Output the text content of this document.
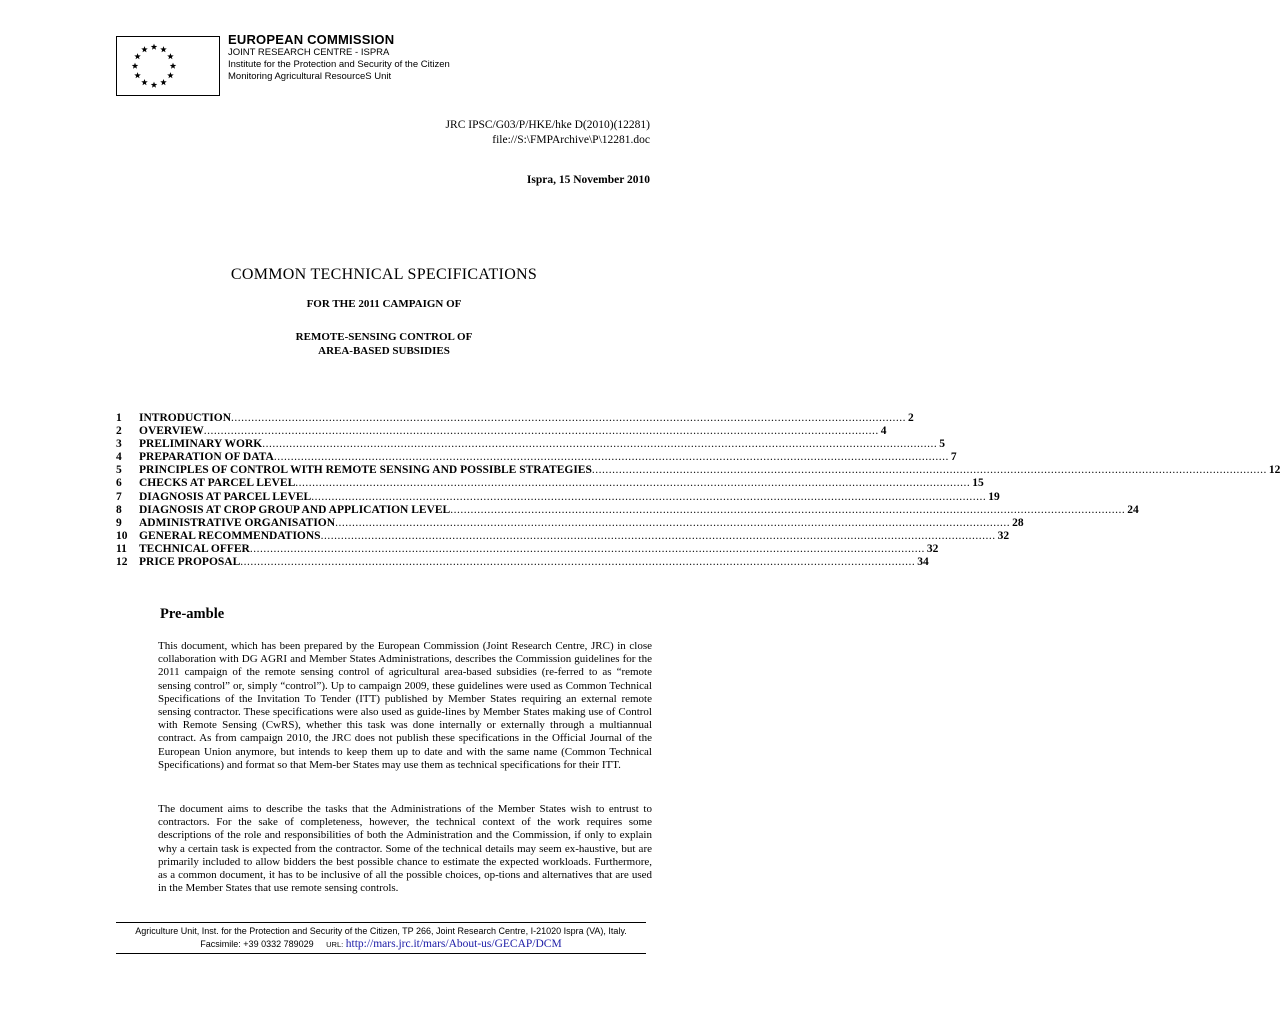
EUROPEAN COMMISSION
JOINT RESEARCH CENTRE - ISPRA
Institute for the Protection and Security of the Citizen
Monitoring Agricultural ResourceS Unit
JRC IPSC/G03/P/HKE/hke D(2010)(12281)
file://S:\FMPArchive\P\12281.doc
Ispra, 15 November 2010
COMMON TECHNICAL SPECIFICATIONS
FOR THE 2011 CAMPAIGN OF
REMOTE-SENSING CONTROL OF
AREA-BASED SUBSIDIES
1	INTRODUCTION ........................................................................................................................................................................................................ 2
2	OVERVIEW ........................................................................................................................................................................................................ 4
3	PRELIMINARY WORK ........................................................................................................................................................................................................ 5
4	PREPARATION OF DATA ........................................................................................................................................................................................................ 7
5	PRINCIPLES OF CONTROL WITH REMOTE SENSING AND POSSIBLE STRATEGIES ........................................................................................................................................................................................................ 12
6	CHECKS AT PARCEL LEVEL ........................................................................................................................................................................................................ 15
7	DIAGNOSIS AT PARCEL LEVEL ........................................................................................................................................................................................................ 19
8	DIAGNOSIS AT CROP GROUP AND APPLICATION LEVEL ........................................................................................................................................................................................................ 24
9	ADMINISTRATIVE ORGANISATION ........................................................................................................................................................................................................ 28
10	GENERAL RECOMMENDATIONS ........................................................................................................................................................................................................ 32
11	TECHNICAL OFFER ........................................................................................................................................................................................................ 32
12	PRICE PROPOSAL ........................................................................................................................................................................................................ 34
Pre-amble
This document, which has been prepared by the European Commission (Joint Research Centre, JRC) in close collaboration with DG AGRI and Member States Administrations, describes the Commission guidelines for the 2011 campaign of the remote sensing control of agricultural area-based subsidies (re-ferred to as “remote sensing control” or, simply “control”). Up to campaign 2009, these guidelines were used as Common Technical Specifications of the Invitation To Tender (ITT) published by Member States requiring an external remote sensing contractor. These specifications were also used as guide-lines by Member States making use of Control with Remote Sensing (CwRS), whether this task was done internally or externally through a multiannual contract. As from campaign 2010, the JRC does not publish these specifications in the Official Journal of the European Union anymore, but intends to keep them up to date and with the same name (Common Technical Specifications) and format so that Mem-ber States may use them as technical specifications for their ITT.
The document aims to describe the tasks that the Administrations of the Member States wish to entrust to contractors. For the sake of completeness, however, the technical context of the work requires some descriptions of the role and responsibilities of both the Administration and the Commission, if only to explain why a certain task is expected from the contractor. Some of the technical details may seem ex-haustive, but are primarily included to allow bidders the best possible chance to estimate the expected workloads. Furthermore, as a common document, it has to be inclusive of all the possible choices, op-tions and alternatives that are used in the Member States that use remote sensing controls.
Agriculture Unit, Inst. for the Protection and Security of the Citizen, TP 266, Joint Research Centre, I-21020 Ispra (VA), Italy.
Facsimile: +39 0332 789029 URL: http://mars.jrc.it/mars/About-us/GECAP/DCM
